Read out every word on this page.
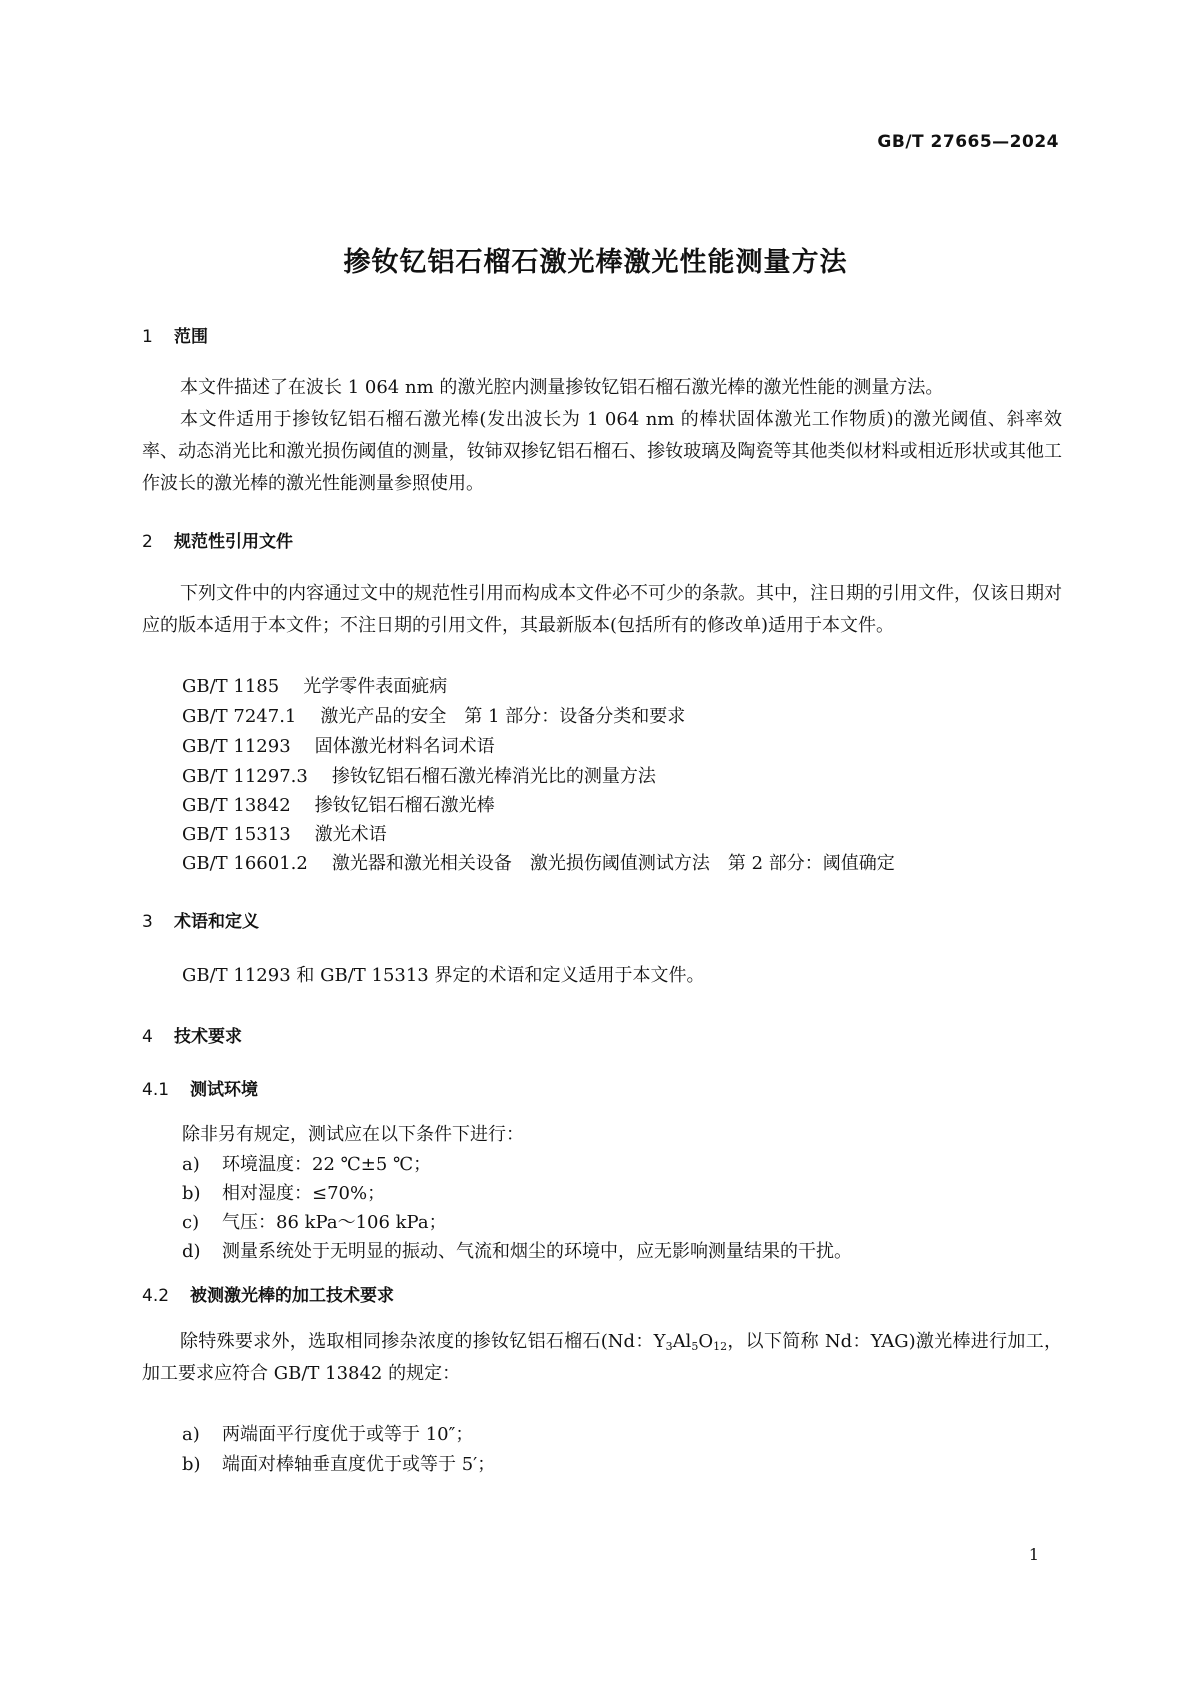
GB/T 27665—2024
掺钕钇铝石榴石激光棒激光性能测量方法
1 范围

本文件描述了在波长 1 064 nm 的激光腔内测量掺钕钇铝石榴石激光棒的激光性能的测量方法。

本文件适用于掺钕钇铝石榴石激光棒(发出波长为 1 064 nm 的棒状固体激光工作物质)的激光阈值、斜率效率、动态消光比和激光损伤阈值的测量，钕铈双掺钇铝石榴石、掺钕玻璃及陶瓷等其他类似材料或相近形状或其他工作波长的激光棒的激光性能测量参照使用。

2 规范性引用文件

下列文件中的内容通过文中的规范性引用而构成本文件必不可少的条款。其中，注日期的引用文件，仅该日期对应的版本适用于本文件；不注日期的引用文件，其最新版本(包括所有的修改单)适用于本文件。

GB/T 1185 光学零件表面疵病
GB/T 7247.1 激光产品的安全　第 1 部分：设备分类和要求
GB/T 11293 固体激光材料名词术语
GB/T 11297.3 掺钕钇铝石榴石激光棒消光比的测量方法
GB/T 13842 掺钕钇铝石榴石激光棒
GB/T 15313 激光术语
GB/T 16601.2 激光器和激光相关设备　激光损伤阈值测试方法　第 2 部分：阈值确定
3 术语和定义
GB/T 11293 和 GB/T 15313 界定的术语和定义适用于本文件。
4 技术要求
4.1 测试环境
除非另有规定，测试应在以下条件下进行：
a) 环境温度：22 ℃±5 ℃；
b) 相对湿度：≤70%；
c) 气压：86 kPa～106 kPa；
d) 测量系统处于无明显的振动、气流和烟尘的环境中，应无影响测量结果的干扰。
4.2 被测激光棒的加工技术要求

除特殊要求外，选取相同掺杂浓度的掺钕钇铝石榴石(Nd：$Y_3Al_5O_{12}$，以下简称 Nd：YAG)激光棒进行加工，加工要求应符合 GB/T 13842 的规定：

a) 两端面平行度优于或等于 10″；
b) 端面对棒轴垂直度优于或等于 5′；
1
